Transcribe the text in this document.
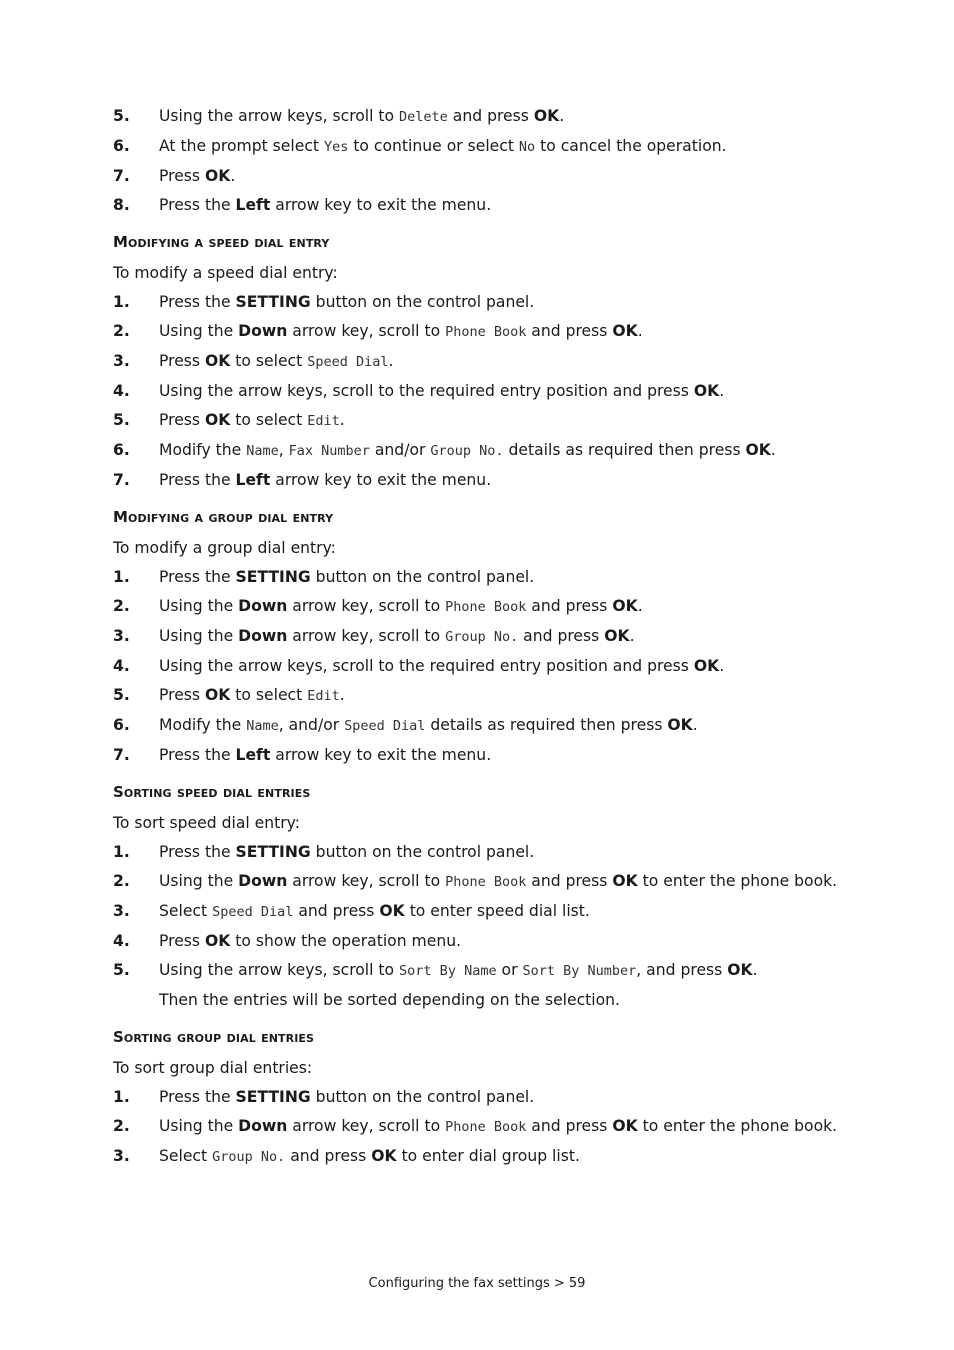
5. Using the arrow keys, scroll to Delete and press OK.
6. At the prompt select Yes to continue or select No to cancel the operation.
7. Press OK.
8. Press the Left arrow key to exit the menu.
Modifying a speed dial entry
To modify a speed dial entry:
1. Press the SETTING button on the control panel.
2. Using the Down arrow key, scroll to Phone Book and press OK.
3. Press OK to select Speed Dial.
4. Using the arrow keys, scroll to the required entry position and press OK.
5. Press OK to select Edit.
6. Modify the Name, Fax Number and/or Group No. details as required then press OK.
7. Press the Left arrow key to exit the menu.
Modifying a group dial entry
To modify a group dial entry:
1. Press the SETTING button on the control panel.
2. Using the Down arrow key, scroll to Phone Book and press OK.
3. Using the Down arrow key, scroll to Group No. and press OK.
4. Using the arrow keys, scroll to the required entry position and press OK.
5. Press OK to select Edit.
6. Modify the Name, and/or Speed Dial details as required then press OK.
7. Press the Left arrow key to exit the menu.
Sorting speed dial entries
To sort speed dial entry:
1. Press the SETTING button on the control panel.
2. Using the Down arrow key, scroll to Phone Book and press OK to enter the phone book.
3. Select Speed Dial and press OK to enter speed dial list.
4. Press OK to show the operation menu.
5. Using the arrow keys, scroll to Sort By Name or Sort By Number, and press OK.
Then the entries will be sorted depending on the selection.
Sorting group dial entries
To sort group dial entries:
1. Press the SETTING button on the control panel.
2. Using the Down arrow key, scroll to Phone Book and press OK to enter the phone book.
3. Select Group No. and press OK to enter dial group list.
Configuring the fax settings > 59
